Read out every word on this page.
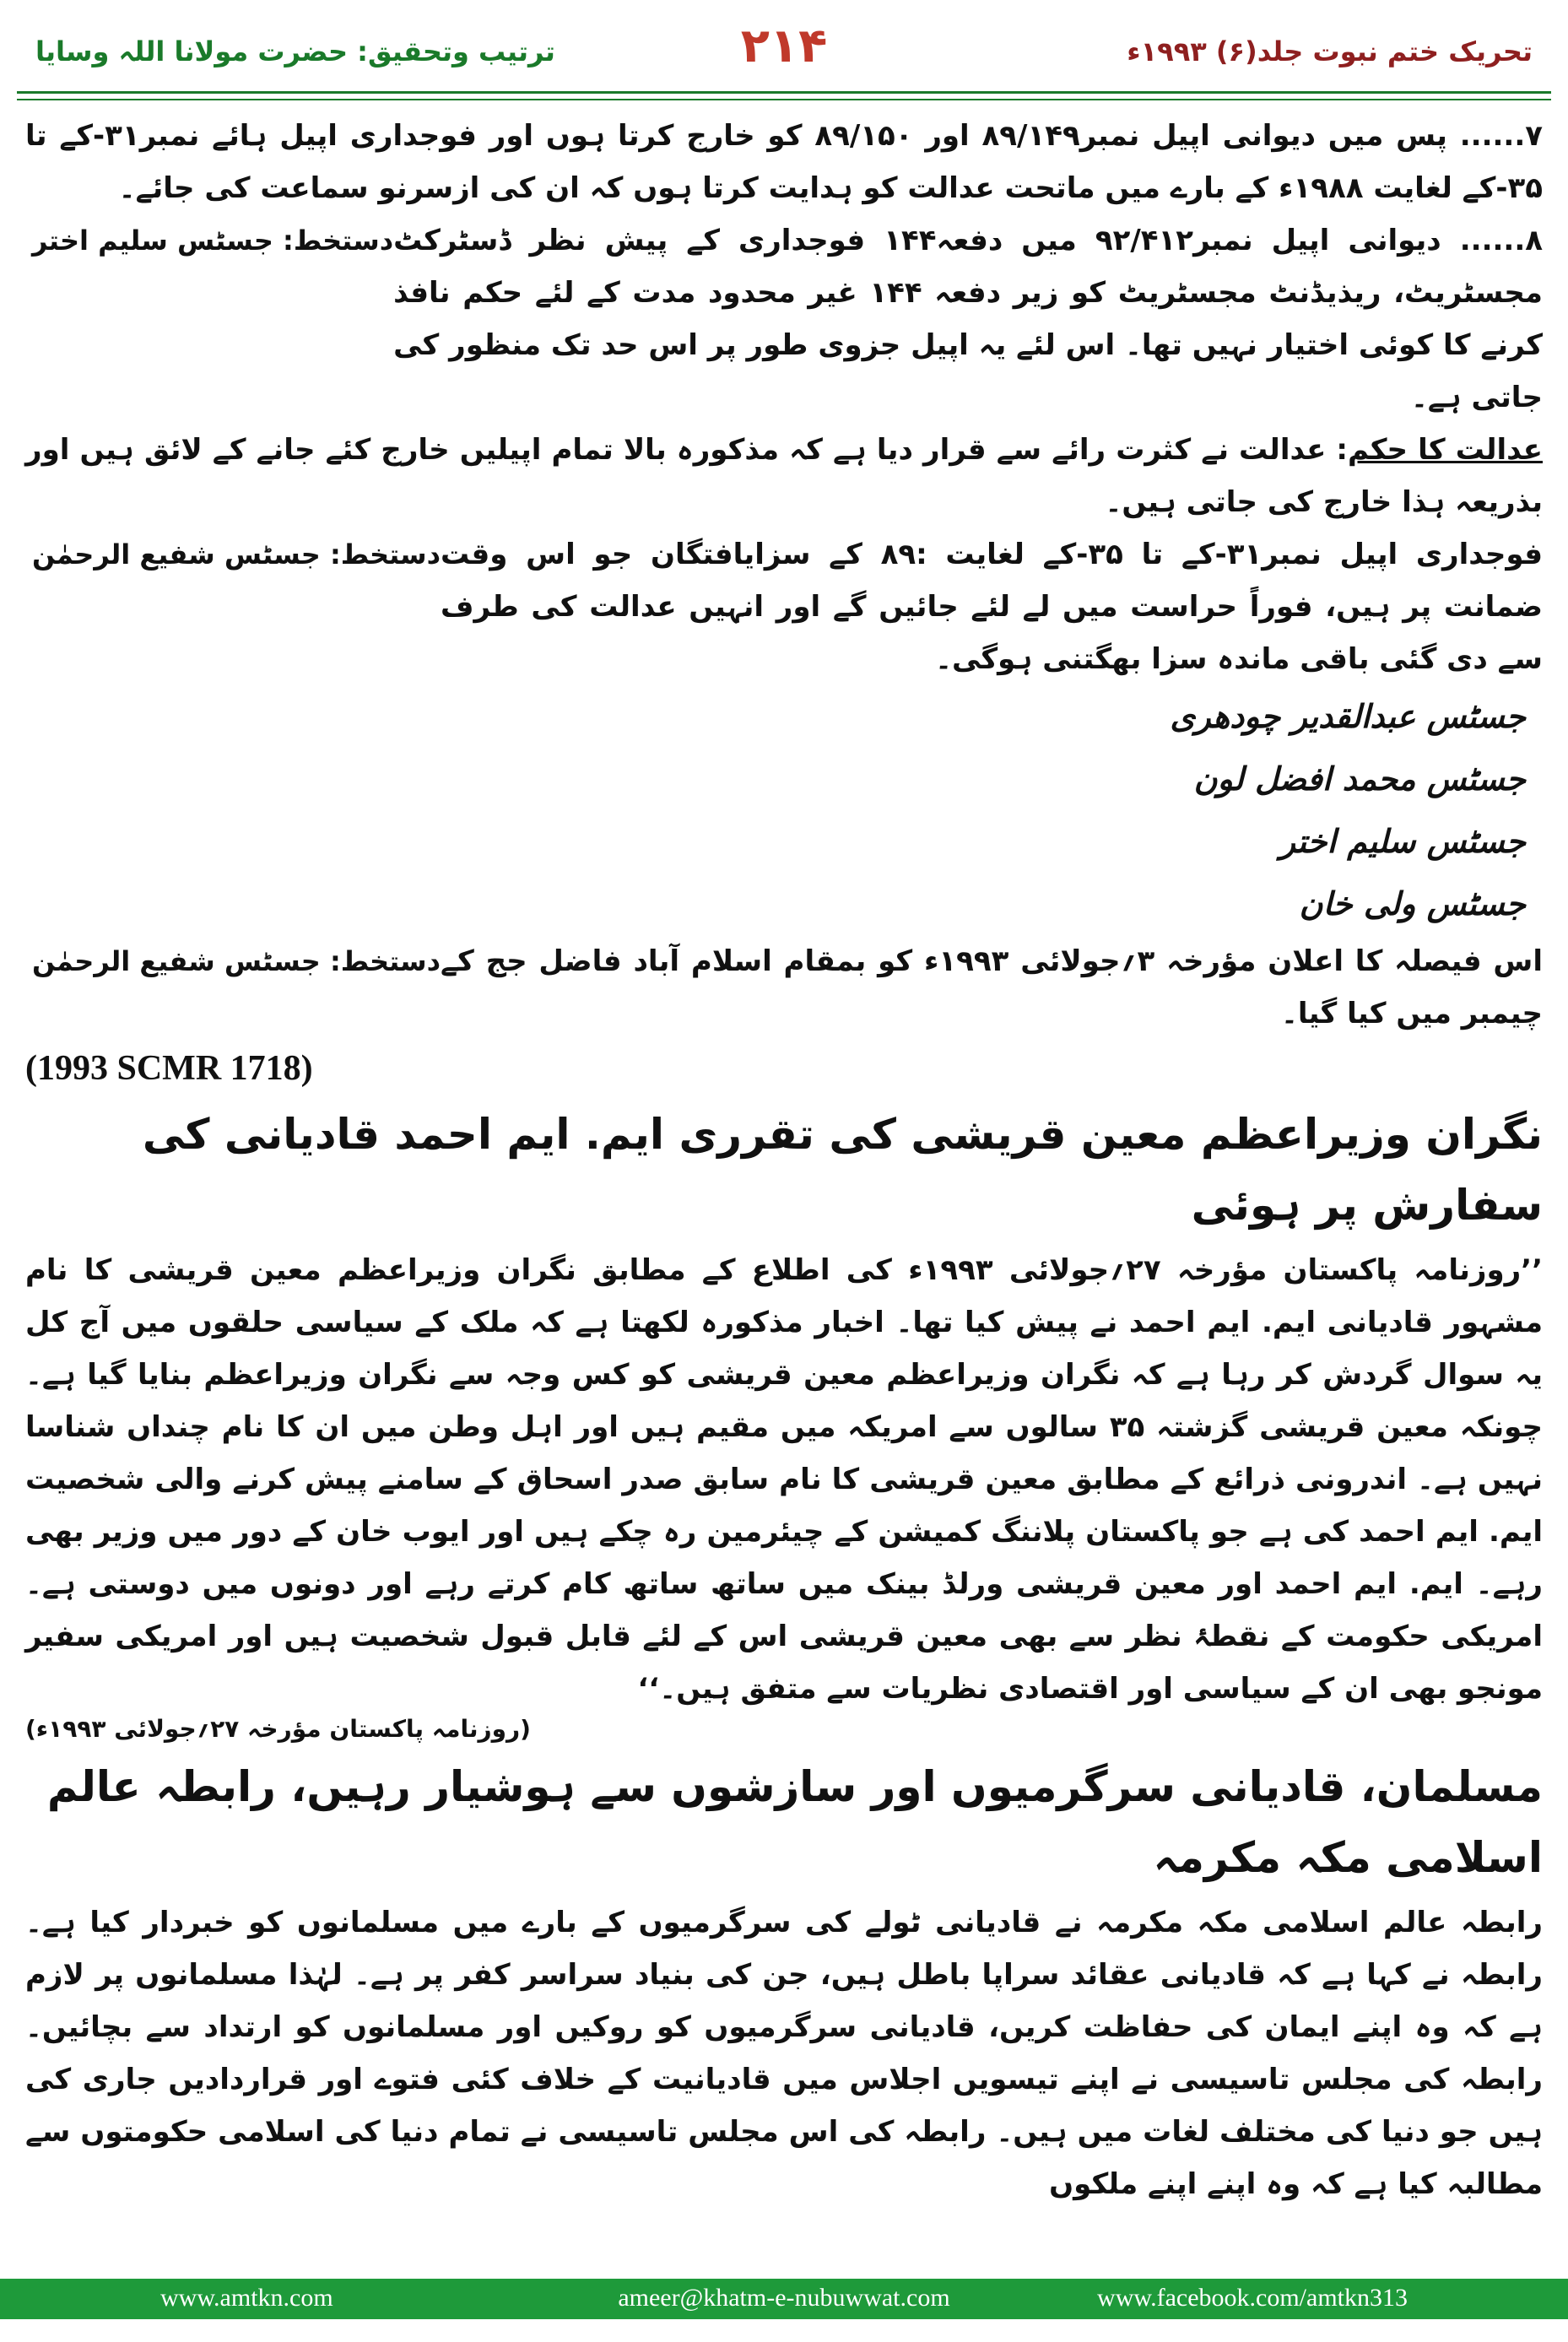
ترتیب وتحقیق: حضرت مولانا اللہ وسایا	۲۱۴	تحریک ختم نبوت جلد(۶) ۱۹۹۳ء

۷...... پس میں دیوانی اپیل نمبر۸۹/۱۴۹ اور ۸۹/۱۵۰ کو خارج کرتا ہوں اور فوجداری اپیل ہائے نمبر۳۱-کے تا ۳۵-کے لغایت ۱۹۸۸ء کے بارے میں ماتحت عدالت کو ہدایت کرتا ہوں کہ ان کی ازسرنو سماعت کی جائے۔

۸...... دیوانی اپیل نمبر۹۲/۴۱۲ میں دفعہ۱۴۴ فوجداری کے پیش نظر ڈسٹرکٹ مجسٹریٹ، ریذیڈنٹ مجسٹریٹ کو زیر دفعہ ۱۴۴ غیر محدود مدت کے لئے حکم نافذ کرنے کا کوئی اختیار نہیں تھا۔ اس لئے یہ اپیل جزوی طور پر اس حد تک منظور کی جاتی ہے۔

دستخط: جسٹس سلیم اختر

عدالت کا حکم: عدالت نے کثرت رائے سے قرار دیا ہے کہ مذکورہ بالا تمام اپیلیں خارج کئے جانے کے لائق ہیں اور بذریعہ ہذا خارج کی جاتی ہیں۔

فوجداری اپیل نمبر۳۱-کے تا ۳۵-کے لغایت :۸۹ کے سزایافتگان جو اس وقت ضمانت پر ہیں، فوراً حراست میں لے لئے جائیں گے اور انہیں عدالت کی طرف سے دی گئی باقی ماندہ سزا بھگتنی ہوگی۔

دستخط: جسٹس شفیع الرحمٰن

جسٹس عبدالقدیر چودھری

جسٹس محمد افضل لون

جسٹس سلیم اختر

جسٹس ولی خان

اس فیصلہ کا اعلان مؤرخہ ۳؍جولائی ۱۹۹۳ء کو بمقام اسلام آباد فاضل جج کے چیمبر میں کیا گیا۔

دستخط: جسٹس شفیع الرحمٰن
(1993 SCMR 1718)
نگران وزیراعظم معین قریشی کی تقرری ایم. ایم احمد قادیانی کی سفارش پر ہوئی

’’روزنامہ پاکستان مؤرخہ ۲۷؍جولائی ۱۹۹۳ء کی اطلاع کے مطابق نگران وزیراعظم معین قریشی کا نام مشہور قادیانی ایم. ایم احمد نے پیش کیا تھا۔ اخبار مذکورہ لکھتا ہے کہ ملک کے سیاسی حلقوں میں آج کل یہ سوال گردش کر رہا ہے کہ نگران وزیراعظم معین قریشی کو کس وجہ سے نگران وزیراعظم بنایا گیا ہے۔ چونکہ معین قریشی گزشتہ ۳۵ سالوں سے امریکہ میں مقیم ہیں اور اہل وطن میں ان کا نام چنداں شناسا نہیں ہے۔ اندرونی ذرائع کے مطابق معین قریشی کا نام سابق صدر اسحاق کے سامنے پیش کرنے والی شخصیت ایم. ایم احمد کی ہے جو پاکستان پلاننگ کمیشن کے چیئرمین رہ چکے ہیں اور ایوب خان کے دور میں وزیر بھی رہے۔ ایم. ایم احمد اور معین قریشی ورلڈ بینک میں ساتھ ساتھ کام کرتے رہے اور دونوں میں دوستی ہے۔ امریکی حکومت کے نقطۂ نظر سے بھی معین قریشی اس کے لئے قابل قبول شخصیت ہیں اور امریکی سفیر مونجو بھی ان کے سیاسی اور اقتصادی نظریات سے متفق ہیں۔‘‘

(روزنامہ پاکستان مؤرخہ ۲۷؍جولائی ۱۹۹۳ء)
مسلمان، قادیانی سرگرمیوں اور سازشوں سے ہوشیار رہیں، رابطہ عالم اسلامی مکہ مکرمہ

رابطہ عالم اسلامی مکہ مکرمہ نے قادیانی ٹولے کی سرگرمیوں کے بارے میں مسلمانوں کو خبردار کیا ہے۔ رابطہ نے کہا ہے کہ قادیانی عقائد سراپا باطل ہیں، جن کی بنیاد سراسر کفر پر ہے۔ لہٰذا مسلمانوں پر لازم ہے کہ وہ اپنے ایمان کی حفاظت کریں، قادیانی سرگرمیوں کو روکیں اور مسلمانوں کو ارتداد سے بچائیں۔ رابطہ کی مجلس تاسیسی نے اپنے تیسویں اجلاس میں قادیانیت کے خلاف کئی فتوے اور قراردادیں جاری کی ہیں جو دنیا کی مختلف لغات میں ہیں۔ رابطہ کی اس مجلس تاسیسی نے تمام دنیا کی اسلامی حکومتوں سے مطالبہ کیا ہے کہ وہ اپنے اپنے ملکوں

www.amtkn.com	ameer@khatm-e-nubuwwat.com	www.facebook.com/amtkn313
